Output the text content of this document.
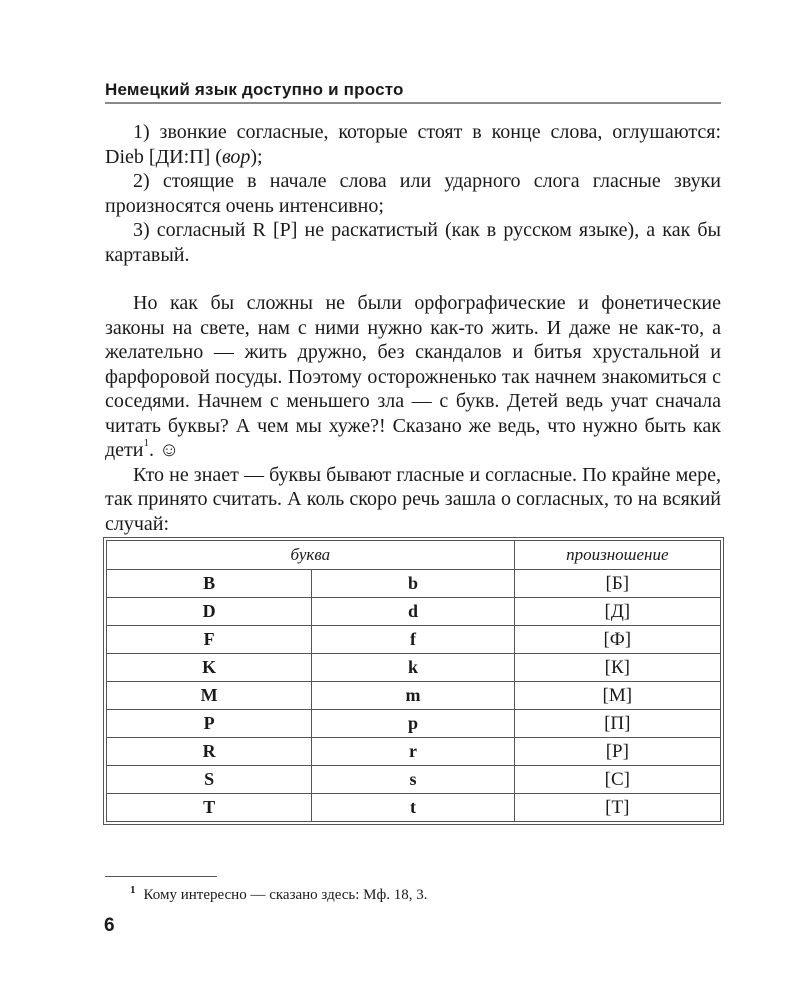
Немецкий язык доступно и просто

1) звонкие согласные, которые стоят в конце слова, оглушаются: Dieb [ДИ:П] (вор);

2) стоящие в начале слова или ударного слога гласные звуки произносятся очень интенсивно;

3) согласный R [Р] не раскатистый (как в русском языке), а как бы картавый.

Но как бы сложны не были орфографические и фонетические законы на свете, нам с ними нужно как-то жить. И даже не как-то, а желательно — жить дружно, без скандалов и битья хрустальной и фарфоровой посуды. Поэтому осторожненько так начнем знакомиться с соседями. Начнем с меньшего зла — с букв. Детей ведь учат сначала читать буквы? А чем мы хуже?! Сказано же ведь, что нужно быть как дети$^1$. ☺

Кто не знает — буквы бывают гласные и согласные. По крайне мере, так принято считать. А коль скоро речь зашла о согласных, то на всякий случай:

буква		произношение
B	b	[Б]
D	d	[Д]
F	f	[Ф]
K	k	[К]
M	m	[М]
P	p	[П]
R	r	[Р]
S	s	[С]
T	t	[Т]
$^1$ Кому интересно — сказано здесь: Мф. 18, 3.
6
